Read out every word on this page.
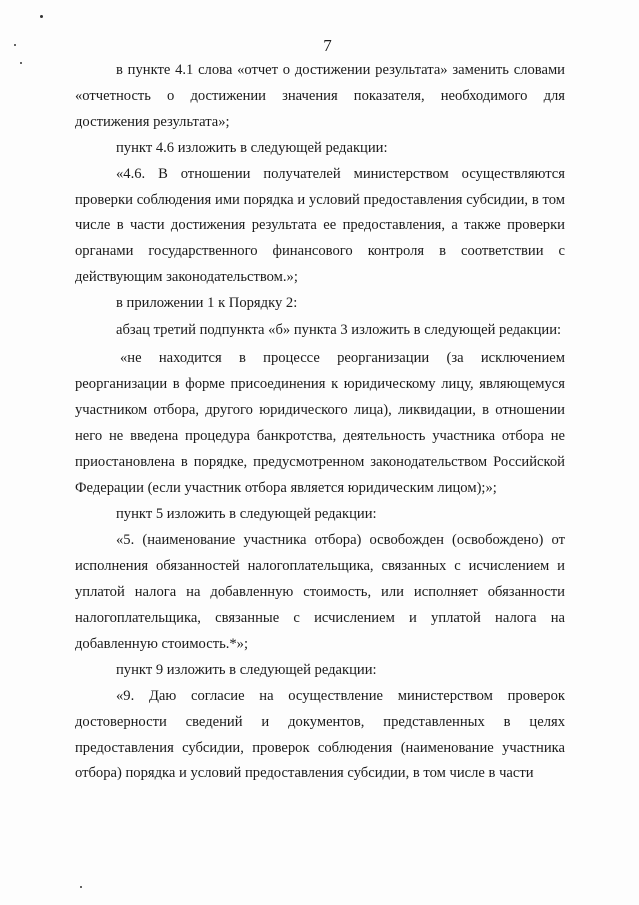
7

в пункте 4.1 слова «отчет о достижении результата» заменить словами «отчетность о достижении значения показателя, необходимого для достижения результата»;

пункт 4.6 изложить в следующей редакции:

«4.6. В отношении получателей министерством осуществляются проверки соблюдения ими порядка и условий предоставления субсидии, в том числе в части достижения результата ее предоставления, а также проверки органами государственного финансового контроля в соответствии с действующим законодательством.»;

в приложении 1 к Порядку 2:

абзац третий подпункта «б» пункта 3 изложить в следующей редакции:

«не находится в процессе реорганизации (за исключением реорганизации в форме присоединения к юридическому лицу, являющемуся участником отбора, другого юридического лица), ликвидации, в отношении него не введена процедура банкротства, деятельность участника отбора не приостановлена в порядке, предусмотренном законодательством Российской Федерации (если участник отбора является юридическим лицом);»;

пункт 5 изложить в следующей редакции:

«5. (наименование участника отбора) освобожден (освобождено) от исполнения обязанностей налогоплательщика, связанных с исчислением и уплатой налога на добавленную стоимость, или исполняет обязанности налогоплательщика, связанные с исчислением и уплатой налога на добавленную стоимость.*»;

пункт 9 изложить в следующей редакции:

«9. Даю согласие на осуществление министерством проверок достоверности сведений и документов, представленных в целях предоставления субсидии, проверок соблюдения (наименование участника отбора) порядка и условий предоставления субсидии, в том числе в части
